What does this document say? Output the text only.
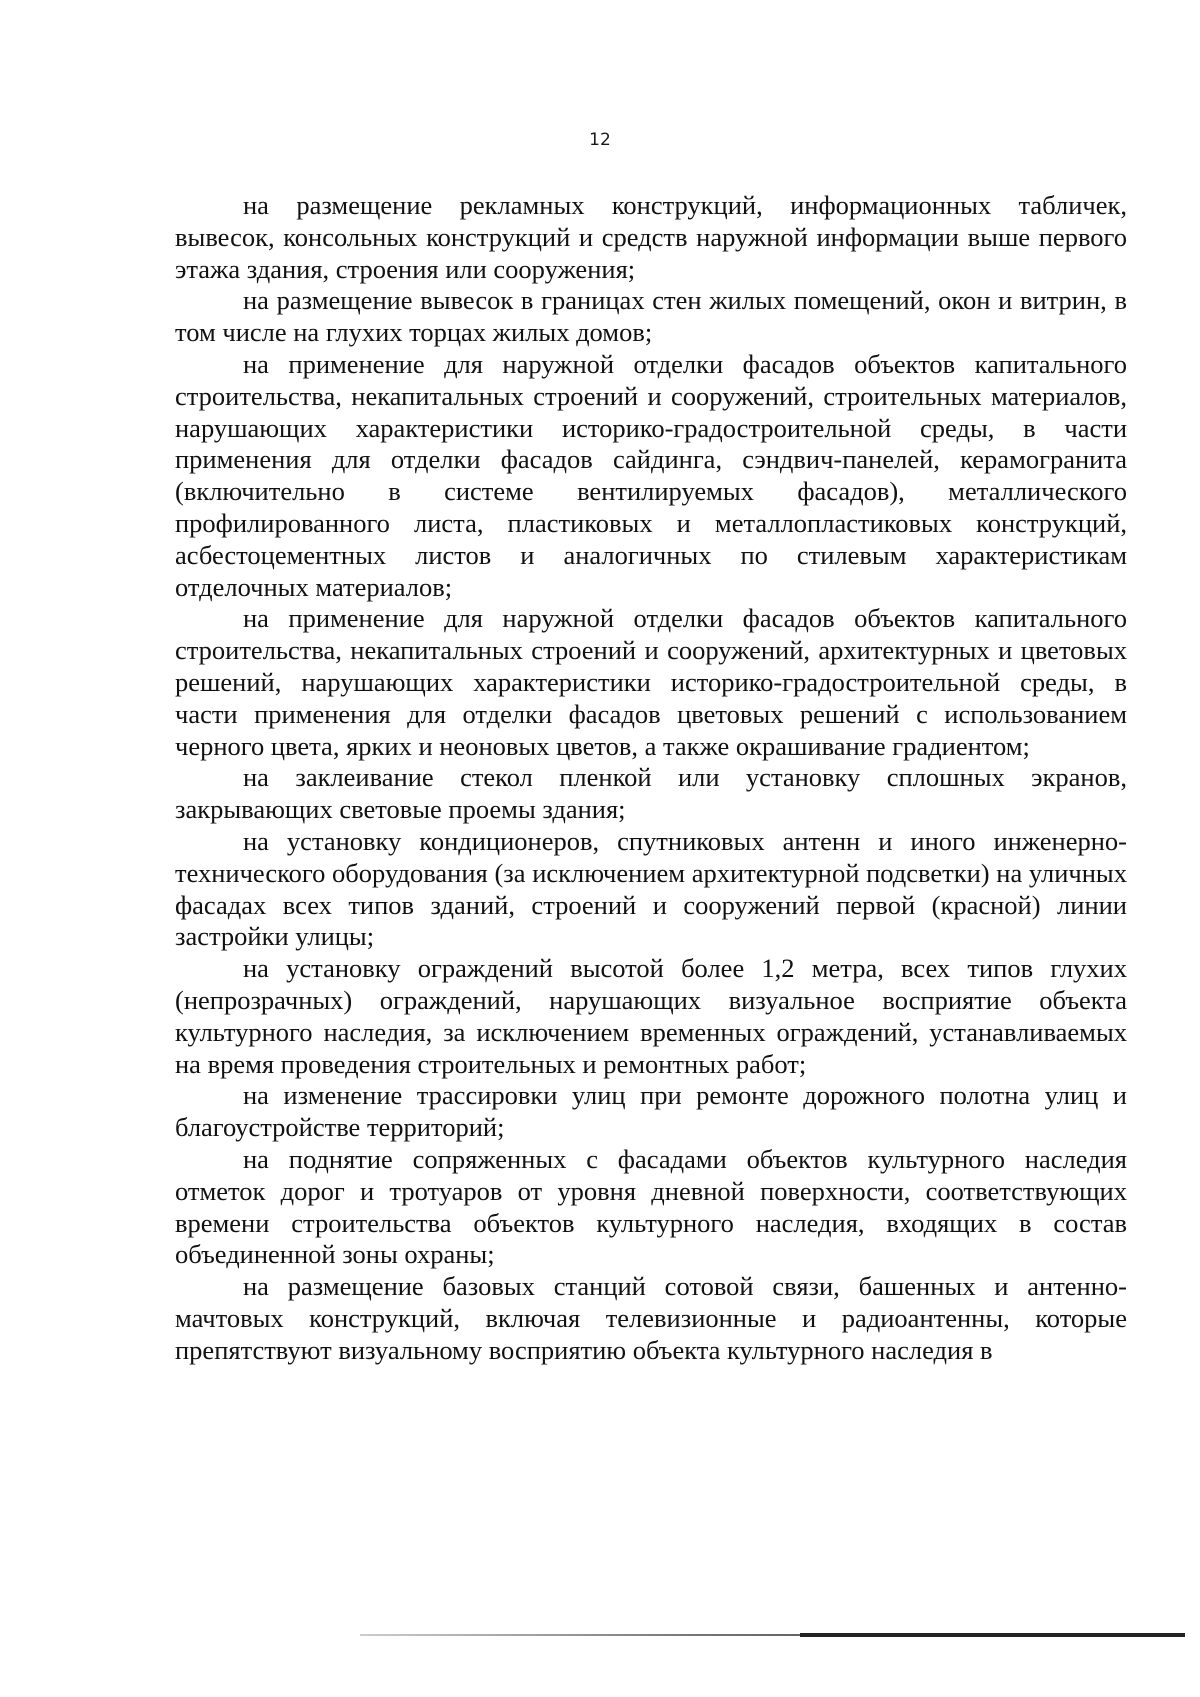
12

на размещение рекламных конструкций, информационных табличек, вывесок, консольных конструкций и средств наружной информации выше первого этажа здания, строения или сооружения;

на размещение вывесок в границах стен жилых помещений, окон и витрин, в том числе на глухих торцах жилых домов;

на применение для наружной отделки фасадов объектов капитального строительства, некапитальных строений и сооружений, строительных материалов, нарушающих характеристики историко-градостроительной среды, в части применения для отделки фасадов сайдинга, сэндвич-панелей, керамогранита (включительно в системе вентилируемых фасадов), металлического профилированного листа, пластиковых и металлопластиковых конструкций, асбестоцементных листов и аналогичных по стилевым характеристикам отделочных материалов;

на применение для наружной отделки фасадов объектов капитального строительства, некапитальных строений и сооружений, архитектурных и цветовых решений, нарушающих характеристики историко-градостроительной среды, в части применения для отделки фасадов цветовых решений с использованием черного цвета, ярких и неоновых цветов, а также окрашивание градиентом;

на заклеивание стекол пленкой или установку сплошных экранов, закрывающих световые проемы здания;

на установку кондиционеров, спутниковых антенн и иного инженерно-технического оборудования (за исключением архитектурной подсветки) на уличных фасадах всех типов зданий, строений и сооружений первой (красной) линии застройки улицы;

на установку ограждений высотой более 1,2 метра, всех типов глухих (непрозрачных) ограждений, нарушающих визуальное восприятие объекта культурного наследия, за исключением временных ограждений, устанавливаемых на время проведения строительных и ремонтных работ;

на изменение трассировки улиц при ремонте дорожного полотна улиц и благоустройстве территорий;

на поднятие сопряженных с фасадами объектов культурного наследия отметок дорог и тротуаров от уровня дневной поверхности, соответствующих времени строительства объектов культурного наследия, входящих в состав объединенной зоны охраны;

на размещение базовых станций сотовой связи, башенных и антенно-мачтовых конструкций, включая телевизионные и радиоантенны, которые препятствуют визуальному восприятию объекта культурного наследия в
